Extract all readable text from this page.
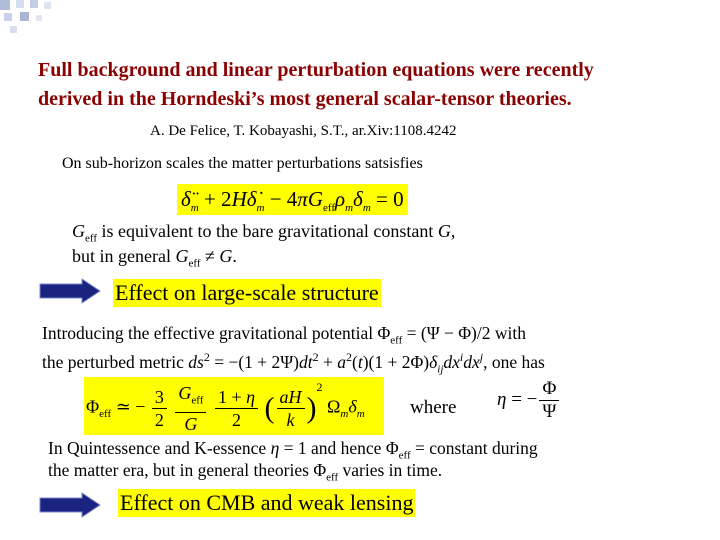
Full background and linear perturbation equations were recently
derived in the Horndeski’s most general scalar-tensor theories.
A. De Felice, T. Kobayashi, S.T., ar.Xiv:1108.4242
On sub-horizon scales the matter perturbations satsisfies
$\deltä_m$ + $2H\deltȧ_m - 4\pi G_{eff}\rho_m\delta_m = 0$
$G_{eff}$ is equivalent to the bare gravitational constant G,
but in general $G_{eff} \ne G$.
Effect on large-scale structure
Introducing the effective gravitational potential $\Phi_{eff} = (\Psi - \Phi)/2$ with
the perturbed metric $ds^2 = -(1 + 2\Psi)dt^2 + a^2(t)(1 + 2\Phi)\delta_{ij}dx^idx^j$, one has
$\Phi_{eff}$ ≃ − $\frac{3}{2}$
$\frac{G_{eff}}{G}$
$\frac{1 + \eta}{2}$ ( $\frac{aH}{k} )^2$ $\Omega_m\delta_m$ where η = − $\frac{\Phi}{\Psi}$
In Quintessence and K-essence η = 1 and hence $\Phi_{eff}$ = constant during
the matter era, but in general theories $\Phi_{eff}$ varies in time.
Effect on CMB and weak lensing
